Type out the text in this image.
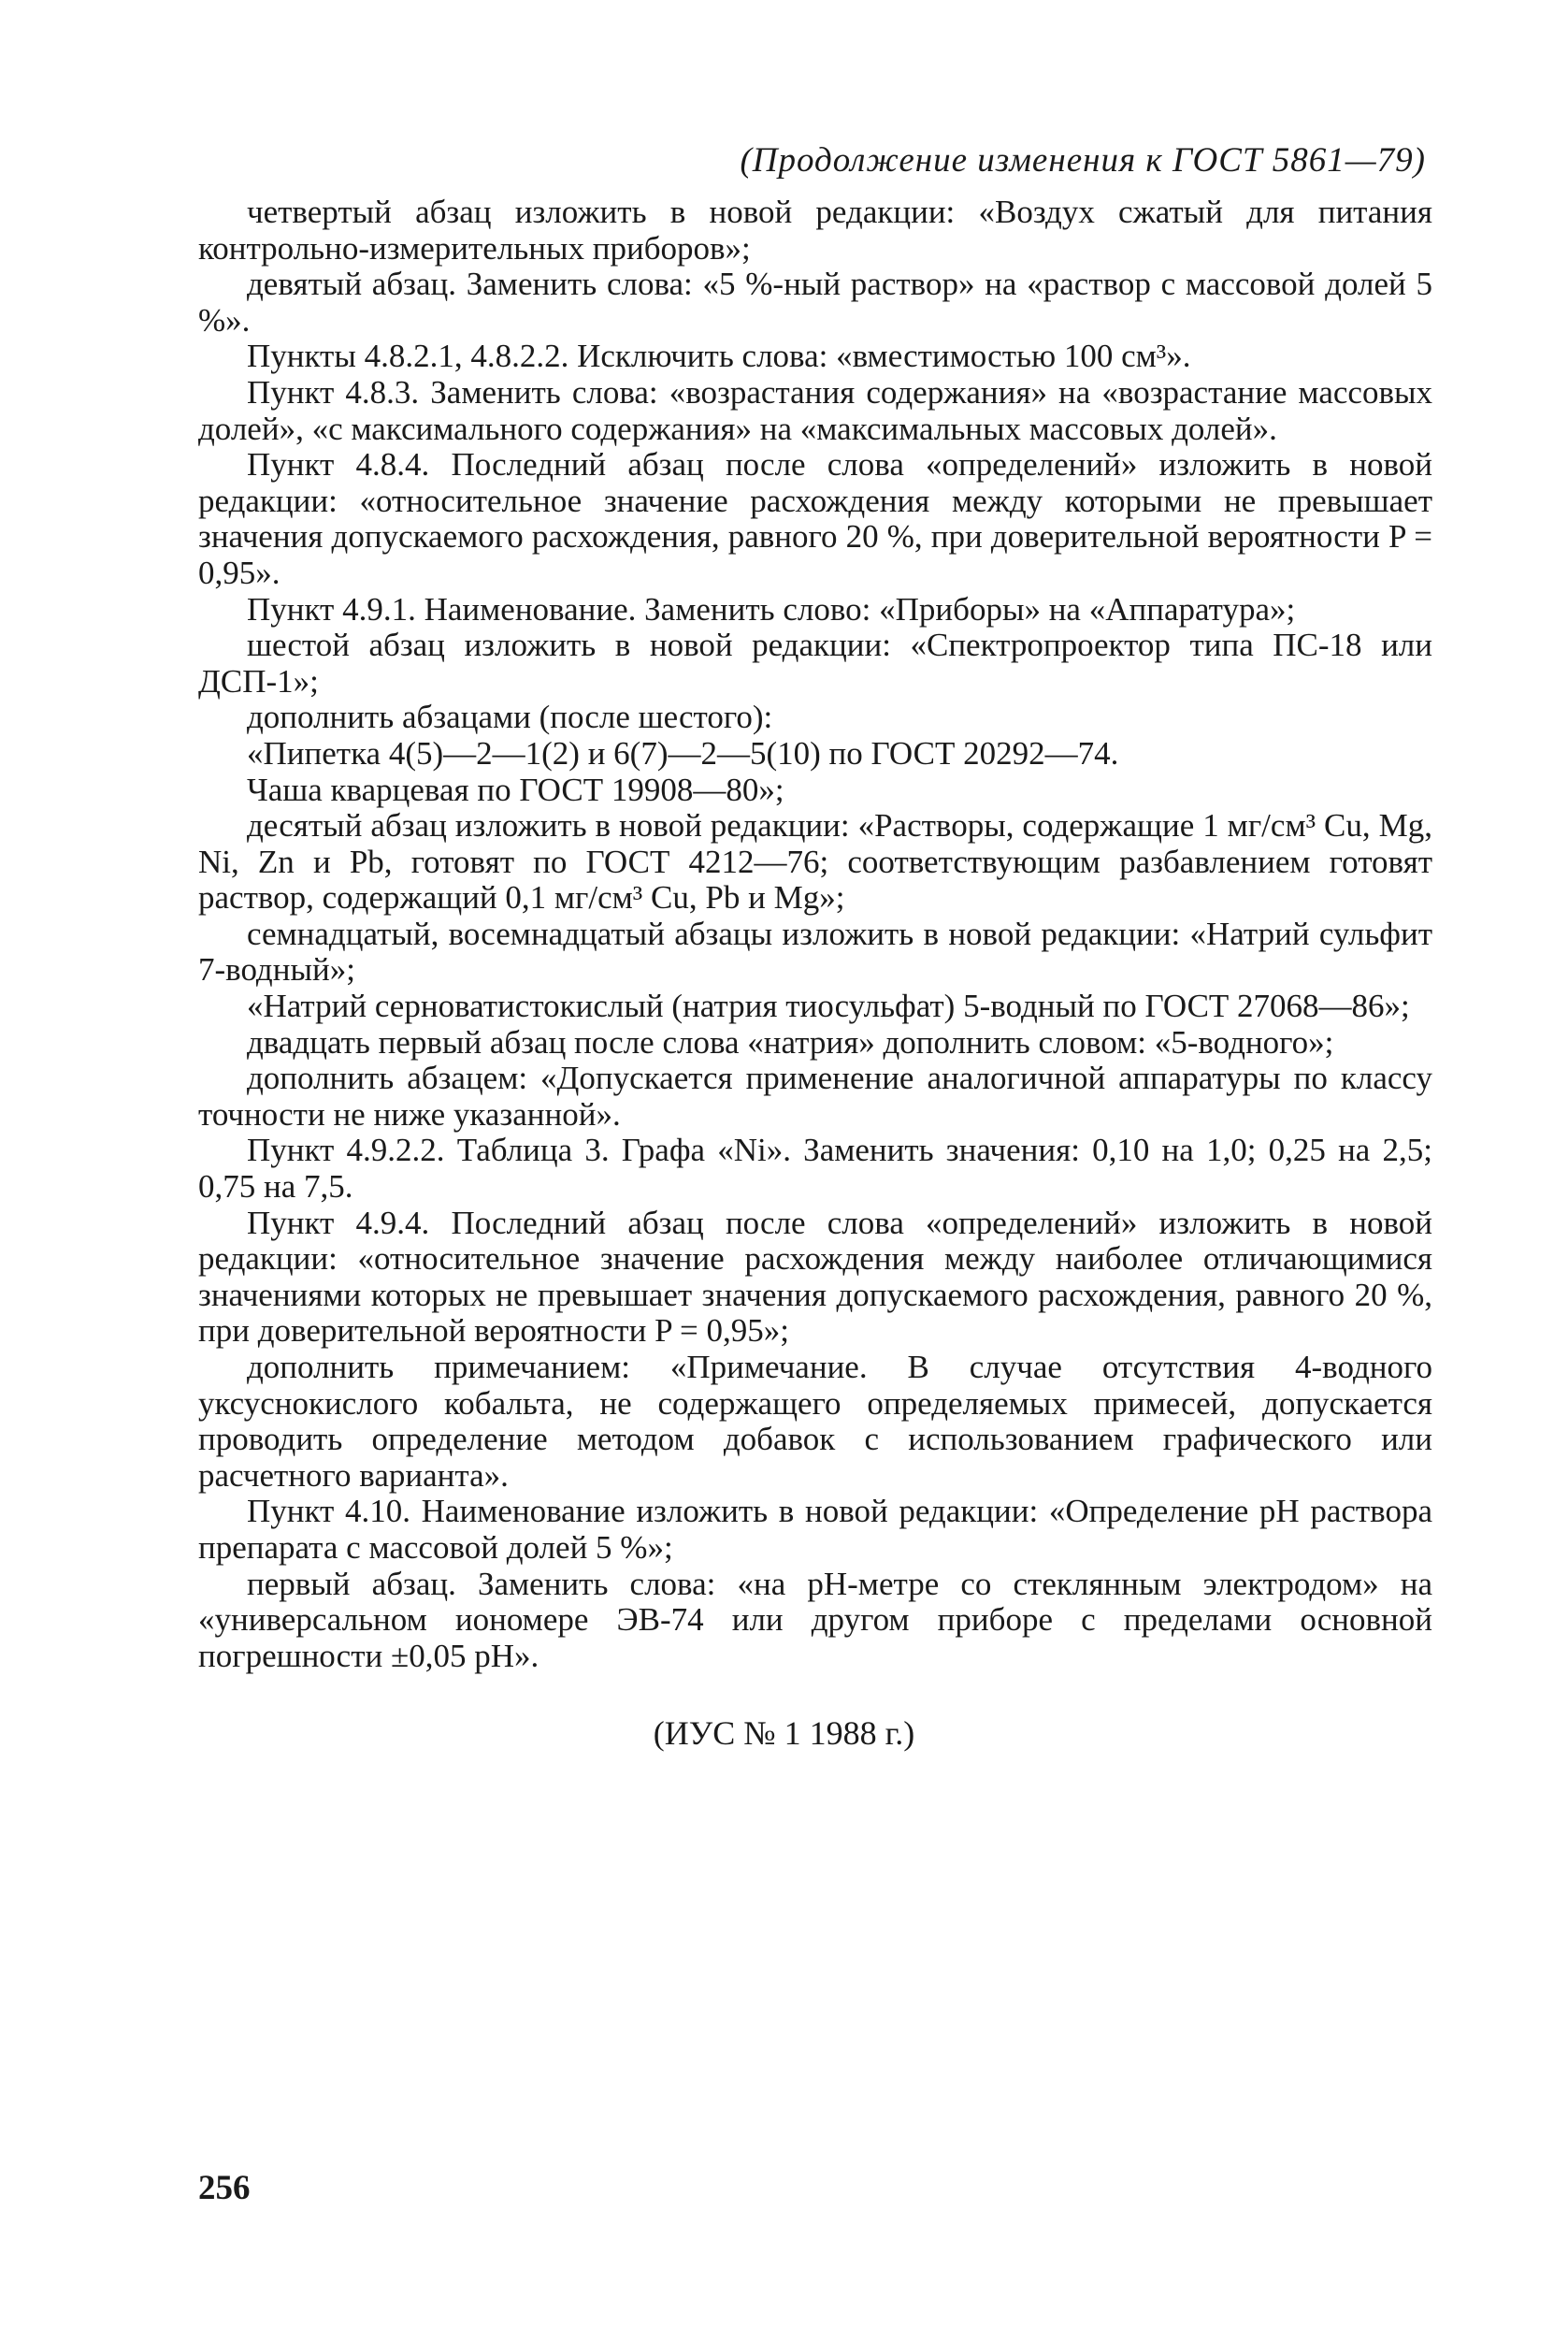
(Продолжение изменения к ГОСТ 5861—79)

четвертый абзац изложить в новой редакции: «Воздух сжатый для питания контрольно-измерительных приборов»;

девятый абзац. Заменить слова: «5 %-ный раствор» на «раствор с массовой долей 5 %».

Пункты 4.8.2.1, 4.8.2.2. Исключить слова: «вместимостью 100 см³».

Пункт 4.8.3. Заменить слова: «возрастания содержания» на «возрастание массовых долей», «с максимального содержания» на «максимальных массовых долей».

Пункт 4.8.4. Последний абзац после слова «определений» изложить в новой редакции: «относительное значение расхождения между которыми не превышает значения допускаемого расхождения, равного 20 %, при доверительной вероятности P = 0,95».

Пункт 4.9.1. Наименование. Заменить слово: «Приборы» на «Аппаратура»;

шестой абзац изложить в новой редакции: «Спектропроектор типа ПС-18 или ДСП-1»;

дополнить абзацами (после шестого):

«Пипетка 4(5)—2—1(2) и 6(7)—2—5(10) по ГОСТ 20292—74.

Чаша кварцевая по ГОСТ 19908—80»;

десятый абзац изложить в новой редакции: «Растворы, содержащие 1 мг/см³ Cu, Mg, Ni, Zn и Pb, готовят по ГОСТ 4212—76; соответствующим разбавлением готовят раствор, содержащий 0,1 мг/см³ Cu, Pb и Mg»;

семнадцатый, восемнадцатый абзацы изложить в новой редакции: «Натрий сульфит 7-водный»;

«Натрий серноватистокислый (натрия тиосульфат) 5-водный по ГОСТ 27068—86»;

двадцать первый абзац после слова «натрия» дополнить словом: «5-водного»;

дополнить абзацем: «Допускается применение аналогичной аппаратуры по классу точности не ниже указанной».

Пункт 4.9.2.2. Таблица 3. Графа «Ni». Заменить значения: 0,10 на 1,0; 0,25 на 2,5; 0,75 на 7,5.

Пункт 4.9.4. Последний абзац после слова «определений» изложить в новой редакции: «относительное значение расхождения между наиболее отличающимися значениями которых не превышает значения допускаемого расхождения, равного 20 %, при доверительной вероятности P = 0,95»;

дополнить примечанием: «Примечание. В случае отсутствия 4-водного уксуснокислого кобальта, не содержащего определяемых примесей, допускается проводить определение методом добавок с использованием графического или расчетного варианта».

Пункт 4.10. Наименование изложить в новой редакции: «Определение pH раствора препарата с массовой долей 5 %»;

первый абзац. Заменить слова: «на pH-метре со стеклянным электродом» на «универсальном иономере ЭВ-74 или другом приборе с пределами основной погрешности ±0,05 pH».

(ИУС № 1 1988 г.)
256
